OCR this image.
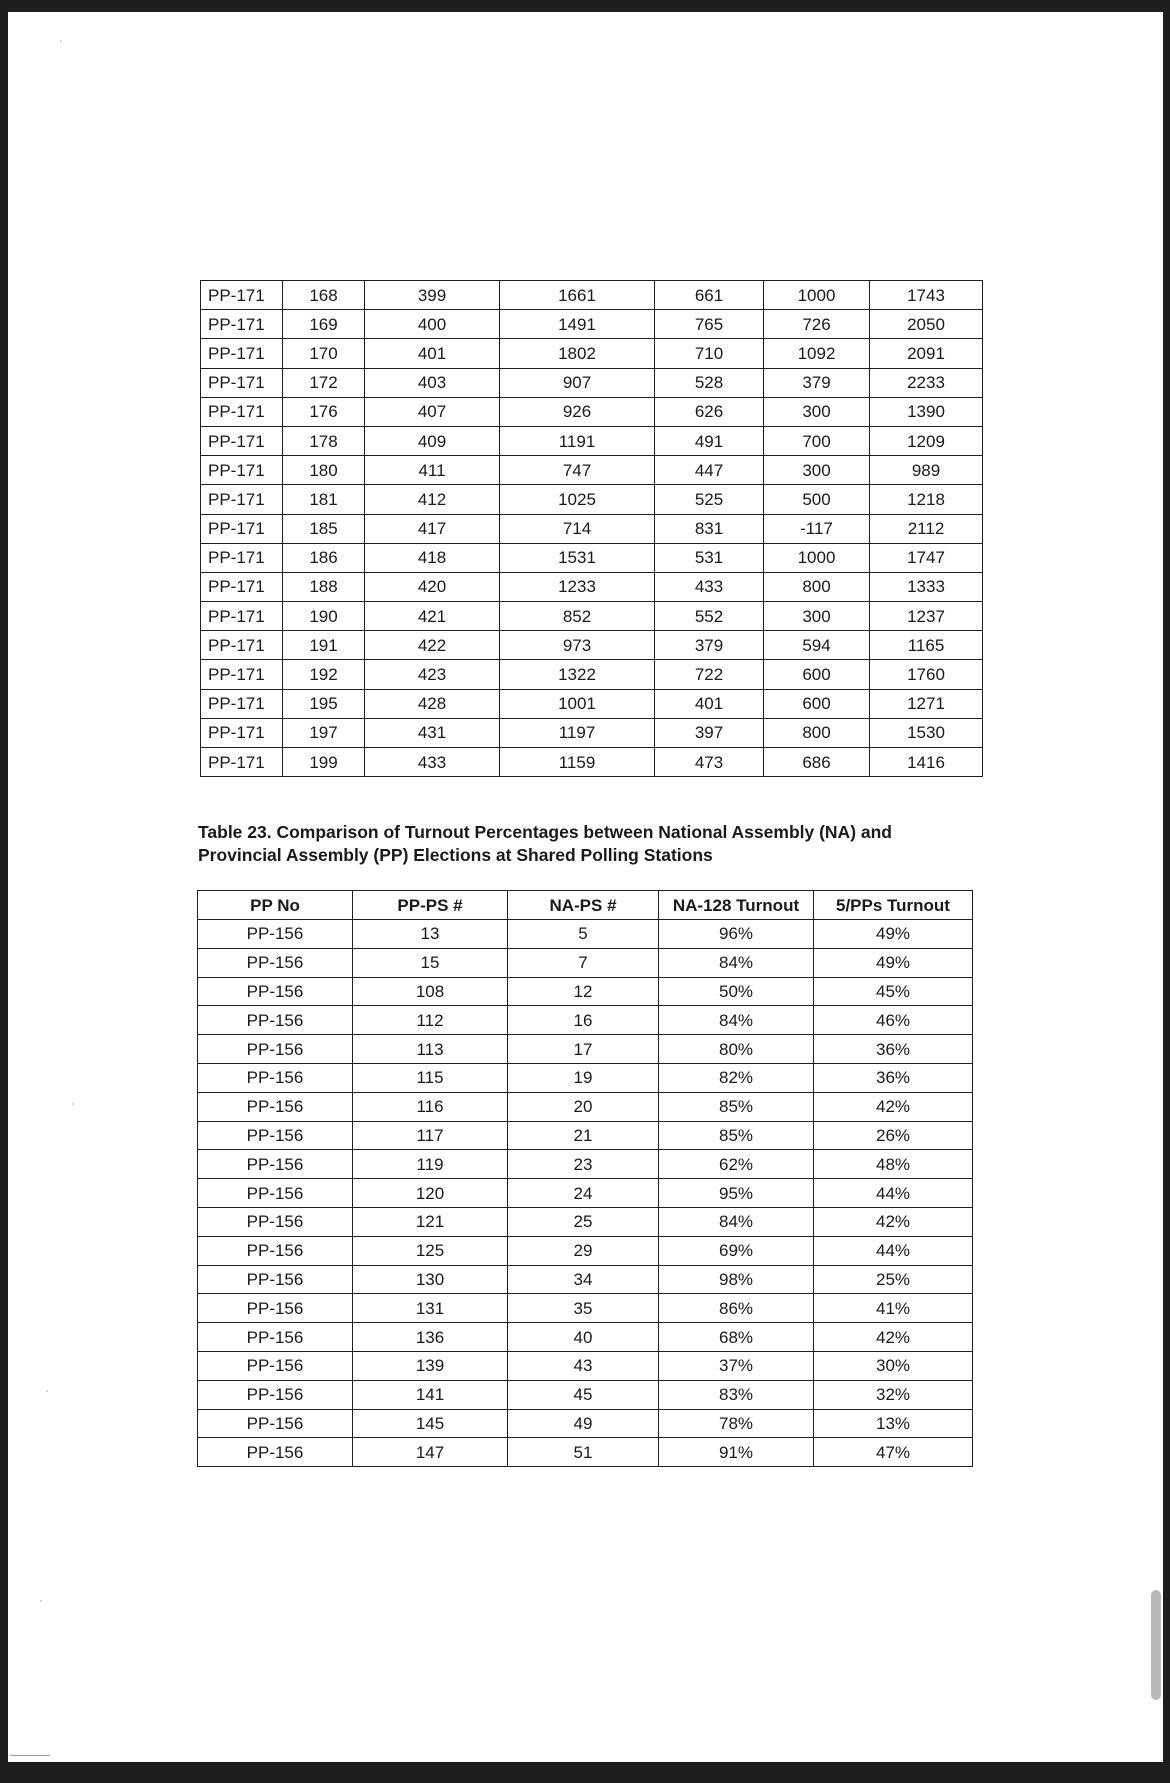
PP-171	168	399	1661	661	1000	1743
PP-171	169	400	1491	765	726	2050
PP-171	170	401	1802	710	1092	2091
PP-171	172	403	907	528	379	2233
PP-171	176	407	926	626	300	1390
PP-171	178	409	1191	491	700	1209
PP-171	180	411	747	447	300	989
PP-171	181	412	1025	525	500	1218
PP-171	185	417	714	831	-117	2112
PP-171	186	418	1531	531	1000	1747
PP-171	188	420	1233	433	800	1333
PP-171	190	421	852	552	300	1237
PP-171	191	422	973	379	594	1165
PP-171	192	423	1322	722	600	1760
PP-171	195	428	1001	401	600	1271
PP-171	197	431	1197	397	800	1530
PP-171	199	433	1159	473	686	1416
Table 23. Comparison of Turnout Percentages between National Assembly (NA) and Provincial Assembly (PP) Elections at Shared Polling Stations
PP No	PP-PS #	NA-PS #	NA-128 Turnout	5/PPs Turnout
PP-156	13	5	96%	49%
PP-156	15	7	84%	49%
PP-156	108	12	50%	45%
PP-156	112	16	84%	46%
PP-156	113	17	80%	36%
PP-156	115	19	82%	36%
PP-156	116	20	85%	42%
PP-156	117	21	85%	26%
PP-156	119	23	62%	48%
PP-156	120	24	95%	44%
PP-156	121	25	84%	42%
PP-156	125	29	69%	44%
PP-156	130	34	98%	25%
PP-156	131	35	86%	41%
PP-156	136	40	68%	42%
PP-156	139	43	37%	30%
PP-156	141	45	83%	32%
PP-156	145	49	78%	13%
PP-156	147	51	91%	47%
